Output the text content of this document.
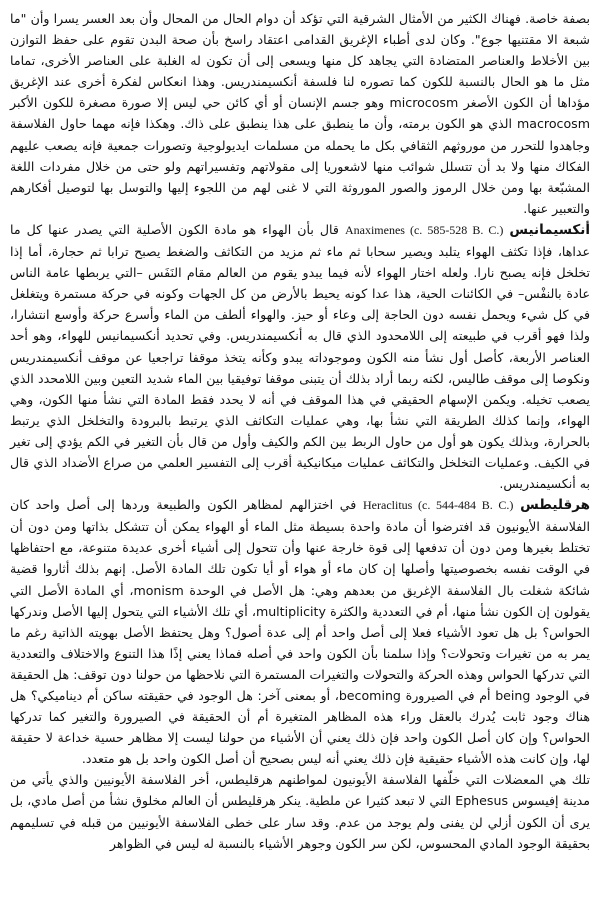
بصفة خاصة. فهناك الكثير من الأمثال الشرقية التي تؤكد أن دوام الحال من المحال وأن بعد العسر يسرا وأن "ما شبعة الا مقتنيها جوع". وكان لدى أطباء الإغريق القدامى اعتقاد راسخ بأن صحة البدن تقوم على حفظ التوازن بين الأخلاط والعناصر المتضادة التي يجاهد كل منها ويسعى إلى أن تكون له الغلبة على العناصر الأخرى، تماما مثل ما هو الحال بالنسبة للكون كما تصوره لنا فلسفة أنكسيمندريس. وهذا انعكاس لفكرة أخرى عند الإغريق مؤداها أن الكون الأصغر microcosm وهو جسم الإنسان أو أي كائن حي ليس إلا صورة مصغرة للكون الأكبر macrocosm الذي هو الكون برمته، وأن ما ينطبق على هذا ينطبق على ذاك. وهكذا فإنه مهما حاول الفلاسفة وجاهدوا للتحرر من موروثهم الثقافي بكل ما يحمله من مسلمات ايديولوجية وتصورات جمعية فإنه يصعب عليهم الفكاك منها ولا بد أن تتسلل شوائب منها لاشعوريا إلى مقولاتهم وتفسيراتهم ولو حتى من خلال مفردات اللغة المشبّعة بها ومن خلال الرموز والصور الموروثة التي لا غنى لهم من اللجوء إليها والتوسل بها لتوصيل أفكارهم والتعبير عنها.

أنكسيمانيس Anaximenes (c. 585-528 B. C.) قال بأن الهواء هو مادة الكون الأصلية التي يصدر عنها كل ما عداها، فإذا تكثف الهواء يتلبد ويصير سحابا ثم ماء ثم مزيد من التكاثف والضغط يصبح ترابا ثم حجارة، أما إذا تخلخل فإنه يصبح نارا. ولعله اختار الهواء لأنه فيما يبدو يقوم من العالم مقام النَفَس –التي يربطها عامة الناس عادة بالنفْس– في الكائنات الحية، هذا عدا كونه يحيط بالأرض من كل الجهات وكونه في حركة مستمرة ويتغلغل في كل شيء ويحمل نفسه دون الحاجة إلى وعاء أو حيز. والهواء ألطف من الماء وأسرع حركة وأوسع انتشارا، ولذا فهو أقرب في طبيعته إلى اللامحدود الذي قال به أنكسيمندريس. وفي تحديد أنكسيمانيس للهواء، وهو أحد العناصر الأربعة، كأصل أول نشأ منه الكون وموجوداته يبدو وكأنه يتخذ موقفا تراجعيا عن موقف أنكسيمندريس ونكوصا إلى موقف طاليس، لكنه ربما أراد بذلك أن يتبنى موقفا توفيقيا بين الماء شديد التعين وبين اللامحدد الذي يصعب تخيله. ويكمن الإسهام الحقيقي في هذا الموقف في أنه لا يحدد فقط المادة التي نشأ منها الكون، وهي الهواء، وإنما كذلك الطريقة التي نشأ بها، وهي عمليات التكاثف الذي يرتبط بالبرودة والتخلخل الذي يرتبط بالحرارة، وبذلك يكون هو أول من حاول الربط بين الكم والكيف وأول من قال بأن التغير في الكم يؤدي إلى تغير في الكيف. وعمليات التخلخل والتكاثف عمليات ميكانيكية أقرب إلى التفسير العلمي من صراع الأضداد الذي قال به أنكسيمندريس.

هرقليطس Heraclitus (c. 544-484 B. C.) في اختزالهم لمظاهر الكون والطبيعة وردها إلى أصل واحد كان الفلاسفة الأيونيون قد افترضوا أن مادة واحدة بسيطة مثل الماء أو الهواء يمكن أن تتشكل بذاتها ومن دون أن تختلط بغيرها ومن دون أن تدفعها إلى قوة خارجة عنها وأن تتحول إلى أشياء أخرى عديدة متنوعة، مع احتفاظها في الوقت نفسه بخصوصيتها وأصلها إن كان ماء أو هواء أو أيا تكون تلك المادة الأصل. إنهم بذلك أثاروا قضية شائكة شغلت بال الفلاسفة الإغريق من بعدهم وهي: هل الأصل في الوحدة monism، أي المادة الأصل التي يقولون إن الكون نشأ منها، أم في التعددية والكثرة multiplicity، أي تلك الأشياء التي يتحول إليها الأصل وندركها الحواس؟ بل هل تعود الأشياء فعلا إلى أصل واحد أم إلى عدة أصول؟ وهل يحتفظ الأصل بهويته الذاتية رغم ما يمر به من تغيرات وتحولات؟ وإذا سلمنا بأن الكون واحد في أصله فماذا يعني إذًا هذا التنوع والاختلاف والتعددية التي تدركها الحواس وهذه الحركة والتحولات والتغيرات المستمرة التي نلاحظها من حولنا دون توقف: هل الحقيقة في الوجود being أم في الصيرورة becoming، أو بمعنى آخر: هل الوجود في حقيقته ساكن أم ديناميكي؟ هل هناك وجود ثابت يُدرك بالعقل وراء هذه المظاهر المتغيرة أم أن الحقيقة في الصيرورة والتغير كما تدركها الحواس؟ وإن كان أصل الكون واحد فإن ذلك يعني أن الأشياء من حولنا ليست إلا مظاهر حسية خداعة لا حقيقة لها، وإن كانت هذه الأشياء حقيقية فإن ذلك يعني أنه ليس بصحيح أن أصل الكون واحد بل هو متعدد.

تلك هي المعضلات التي خلّفها الفلاسفة الأيونيون لمواطنهم هرقليطس، أخر الفلاسفة الأيونيين والذي يأتي من مدينة إفيسوس Ephesus التي لا تبعد كثيرا عن ملطية. ينكر هرقليطس أن العالم مخلوق نشأ من أصل مادي، بل يرى أن الكون أزلي لن يفنى ولم يوجد من عدم. وقد سار على خطى الفلاسفة الأيونيين من قبله في تسليمهم بحقيقة الوجود المادي المحسوس، لكن سر الكون وجوهر الأشياء بالنسبة له ليس في الظواهر
